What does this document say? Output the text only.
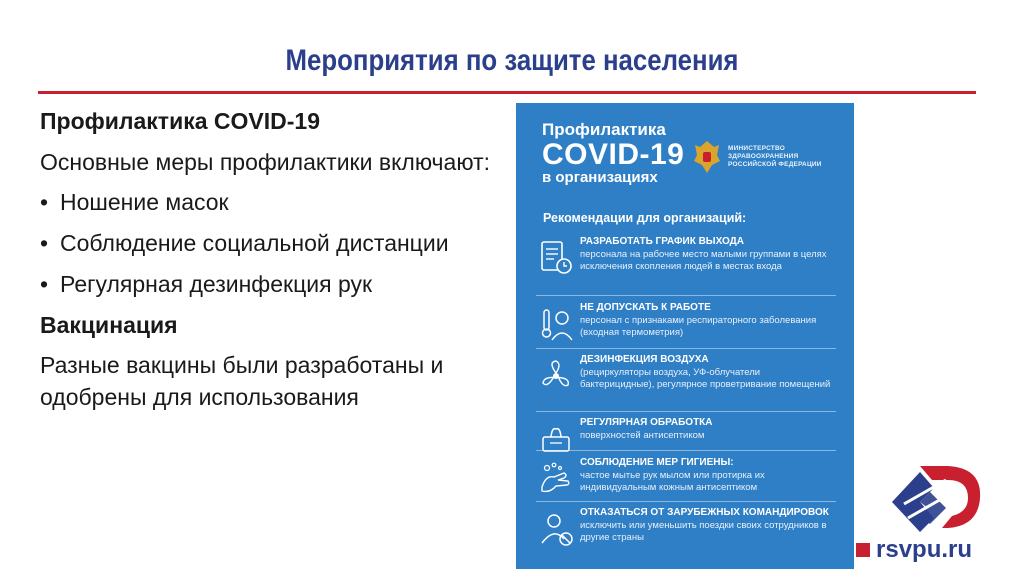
Мероприятия по защите населения
Профилактика COVID-19
Основные меры профилактики включают:
• Ношение масок
• Соблюдение социальной дистанции
• Регулярная дезинфекция рук
Вакцинация
Разные вакцины были разработаны и одобрены для использования
Профилактика
COVID-19
в организациях
МИНИСТЕРСТВО
ЗДРАВООХРАНЕНИЯ
РОССИЙСКОЙ ФЕДЕРАЦИИ
Рекомендации для организаций:
РАЗРАБОТАТЬ ГРАФИК ВЫХОДА
персонала на рабочее место малыми группами в целях исключения скопления людей в местах входа
НЕ ДОПУСКАТЬ К РАБОТЕ
персонал с признаками респираторного заболевания (входная термометрия)
ДЕЗИНФЕКЦИЯ ВОЗДУХА
(рециркуляторы воздуха, УФ-облучатели бактерицидные), регулярное проветривание помещений
РЕГУЛЯРНАЯ ОБРАБОТКА
поверхностей антисептиком
СОБЛЮДЕНИЕ МЕР ГИГИЕНЫ:
частое мытье рук мылом или протирка их индивидуальным кожным антисептиком
ОТКАЗАТЬСЯ ОТ ЗАРУБЕЖНЫХ КОМАНДИРОВОК
исключить или уменьшить поездки своих сотрудников в другие страны	rsvpu.ru
